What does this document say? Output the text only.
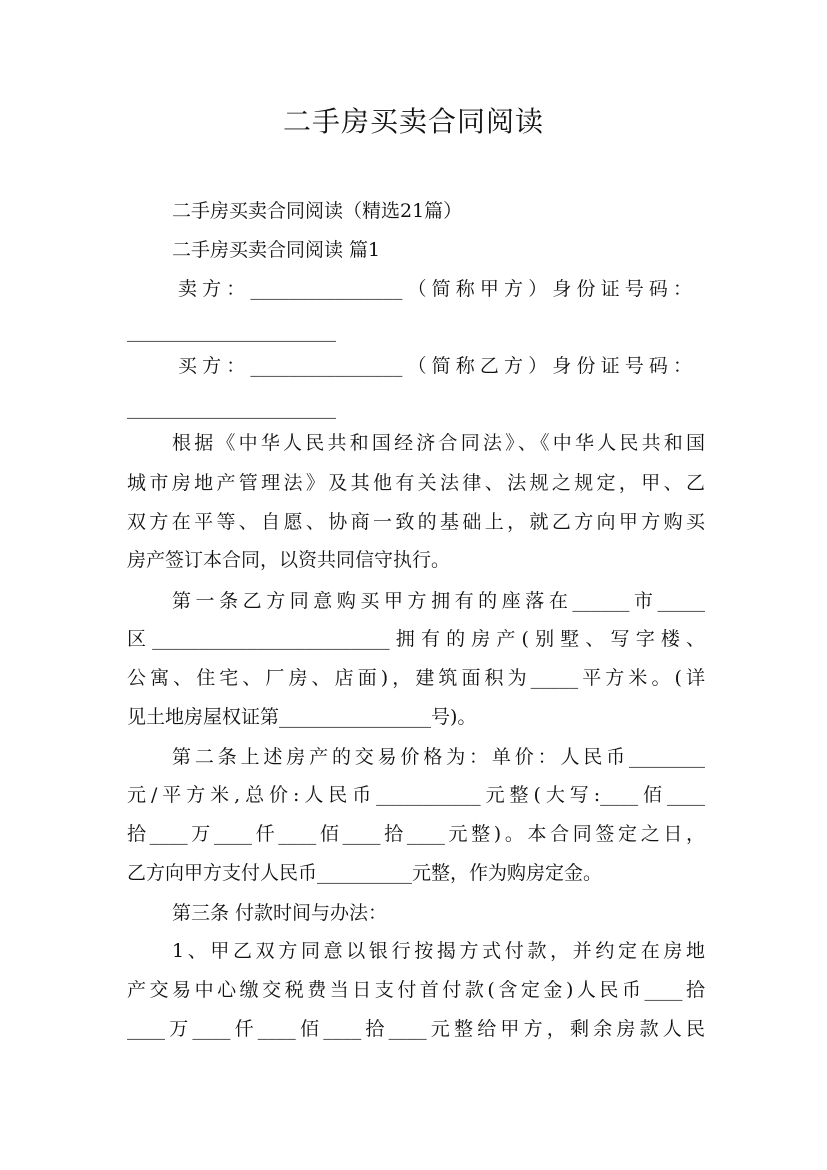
二手房买卖合同阅读
二手房买卖合同阅读（精选21篇）
二手房买卖合同阅读 篇1
卖方：________________（简称甲方）身份证号码：
______________________
买方：________________（简称乙方）身份证号码：
______________________
根据《中华人民共和国经济合同法》、《中华人民共和国
城市房地产管理法》及其他有关法律、法规之规定，甲、乙
双方在平等、自愿、协商一致的基础上，就乙方向甲方购买
房产签订本合同，以资共同信守执行。
第一条乙方同意购买甲方拥有的座落在______市_____
区_________________________拥有的房产(别墅、写字楼、
公寓、住宅、厂房、店面)，建筑面积为_____平方米。(详
见土地房屋权证第________________号)。
第二条上述房产的交易价格为：单价：人民币________
元/平方米,总价:人民币___________元整(大写:____佰____
拾____万____仟____佰____拾____元整)。本合同签定之日，
乙方向甲方支付人民币__________元整，作为购房定金。
第三条 付款时间与办法：
1、甲乙双方同意以银行按揭方式付款，并约定在房地
产交易中心缴交税费当日支付首付款(含定金)人民币____拾
____万____仟____佰____拾____元整给甲方，剩余房款人民
